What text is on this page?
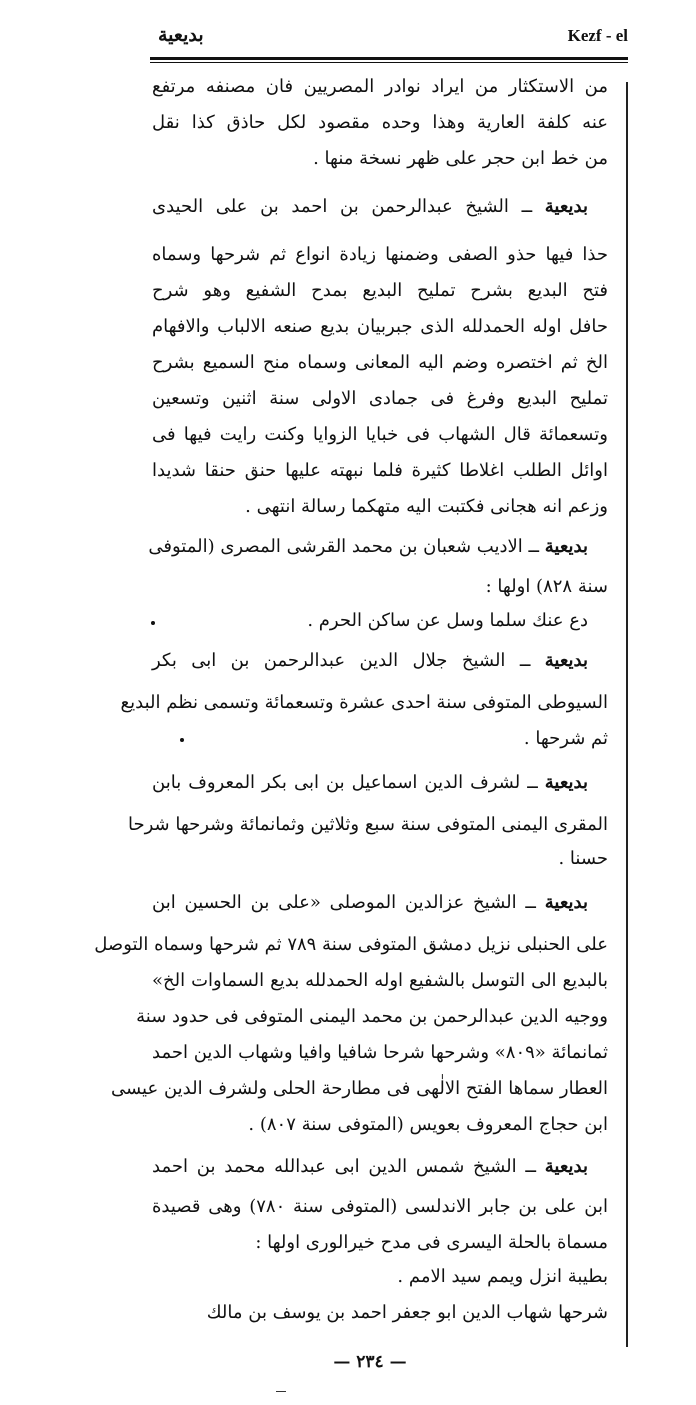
Kezf - el
بديعية
من الاستكثار من ايراد نوادر المصريين فان مصنفه مرتفع
عنه كلفة العارية وهذا وحده مقصود لكل حاذق كذا نقل
من خط ابن حجر على ظهر نسخة منها .
بديعية ــ الشيخ عبدالرحمن بن احمد بن على الحيدى
حذا فيها حذو الصفى وضمنها زيادة انواع ثم شرحها وسماه
فتح البديع بشرح تمليح البديع بمدح الشفيع وهو شرح
حافل اوله الحمدلله الذى جبربيان بديع صنعه الالباب والافهام
الخ ثم اختصره وضم اليه المعانى وسماه منح السميع بشرح
تمليح البديع وفرغ فى جمادى الاولى سنة اثنين وتسعين
وتسعمائة قال الشهاب فى خبايا الزوايا وكنت رايت فيها فى
اوائل الطلب اغلاطا كثيرة فلما نبهته عليها حنق حنقا شديدا
وزعم انه هجانى فكتبت اليه متهكما رسالة انتهى .
بديعية ــ الاديب شعبان بن محمد القرشى المصرى (المتوفى
سنة ٨٢٨) اولها :
دع عنك سلما وسل عن ساكن الحرم .
بديعية ــ الشيخ جلال الدين عبدالرحمن بن ابى بكر
السيوطى المتوفى سنة احدى عشرة وتسعمائة وتسمى نظم البديع
ثم شرحها .
بديعية ــ لشرف الدين اسماعيل بن ابى بكر المعروف بابن
المقرى اليمنى المتوفى سنة سبع وثلاثين وثمانمائة وشرحها شرحا
حسنا .
بديعية ــ الشيخ عزالدين الموصلى «على بن الحسين ابن
على الحنبلى نزيل دمشق المتوفى سنة ٧٨٩ ثم شرحها وسماه التوصل
بالبديع الى التوسل بالشفيع اوله الحمدلله بديع السماوات الخ»
ووجيه الدين عبدالرحمن بن محمد اليمنى المتوفى فى حدود سنة
ثمانمائة «٨٠٩» وشرحها شرحا شافيا وافيا وشهاب الدين احمد
العطار سماها الفتح الالٰهى فى مطارحة الحلى ولشرف الدين عيسى
ابن حجاج المعروف بعويس (المتوفى سنة ٨٠٧) .
بديعية ــ الشيخ شمس الدين ابى عبدالله محمد بن احمد
ابن على بن جابر الاندلسى (المتوفى سنة ٧٨٠) وهى قصيدة
مسماة بالحلة اليسرى فى مدح خيرالورى اولها :
بطيبة انزل ويمم سيد الامم .
شرحها شهاب الدين ابو جعفر احمد بن يوسف بن مالك
— ٢٣٤ —
